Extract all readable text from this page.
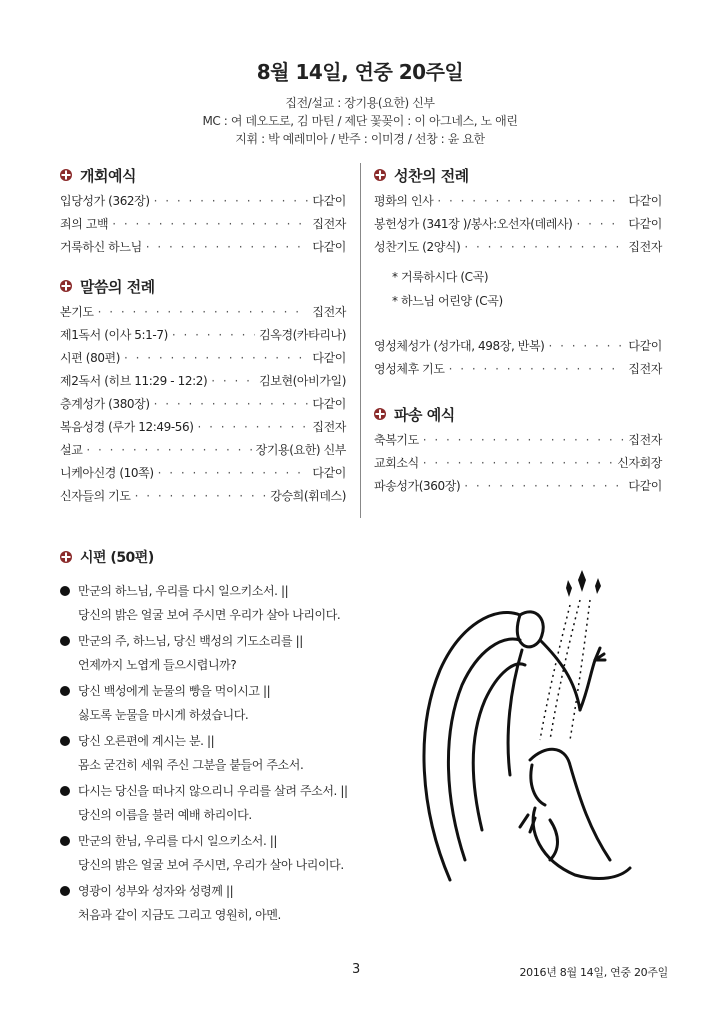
8월 14일, 연중 20주일
집전/설교 : 장기용(요한) 신부
MC : 여 데오도로, 김 마틴 / 제단 꽃꽂이 : 이 아그네스, 노 애린
지휘 : 박 예레미아 / 반주 : 이미경 / 선창 : 윤 요한
개회예식
입당성가 (362장) · · ·	다같이
죄의 고백 · · ·	집전자
거룩하신 하느님 · · ·	다같이
말씀의 전례
본기도 · · ·	집전자
제1독서 (이사 5:1-7) · · ·	김옥경(카타리나)
시편 (80편) · · ·	다같이
제2독서 (히브 11:29 - 12:2) · · ·	김보현(아비가일)
층계성가 (380장) · · ·	다같이
복음성경 (루가 12:49-56) · · ·	집전자
설교 · · ·	장기용(요한) 신부
니케아신경 (10쪽) · · ·	다같이
신자들의 기도 · · ·	강승희(휘데스)
성찬의 전례
평화의 인사 · · ·	다같이
봉헌성가 (341장 )/봉사:오선자(데레사) · · ·	다같이
성찬기도 (2양식) · · ·	집전자
* 거룩하시다 (C곡)
* 하느님 어린양 (C곡)
영성체성가 (성가대, 498장, 반복) · · ·	다같이
영성체후 기도 · · ·	집전자
파송 예식
축복기도 · · ·	집전자
교회소식 · · ·	신자회장
파송성가(360장) · · ·	다같이
시편 (50편)
만군의 하느님, 우리를 다시 일으키소서. ||
당신의 밝은 얼굴 보여 주시면 우리가 살아 나리이다.
만군의 주, 하느님, 당신 백성의 기도소리를 ||
언제까지 노엽게 들으시렵니까?
당신 백성에게 눈물의 빵을 먹이시고 ||
싫도록 눈물을 마시게 하셨습니다.
당신 오른편에 계시는 분. ||
몸소 굳건히 세워 주신 그분을 붙들어 주소서.
다시는 당신을 떠나지 않으리니 우리를 살려 주소서. ||
당신의 이름을 불러 예배 하리이다.
만군의 한님, 우리를 다시 일으키소서. ||
당신의 밝은 얼굴 보여 주시면, 우리가 살아 나리이다.
영광이 성부와 성자와 성령께 ||
처음과 같이 지금도 그리고 영원히, 아멘.
3	2016년 8월 14일, 연중 20주일
